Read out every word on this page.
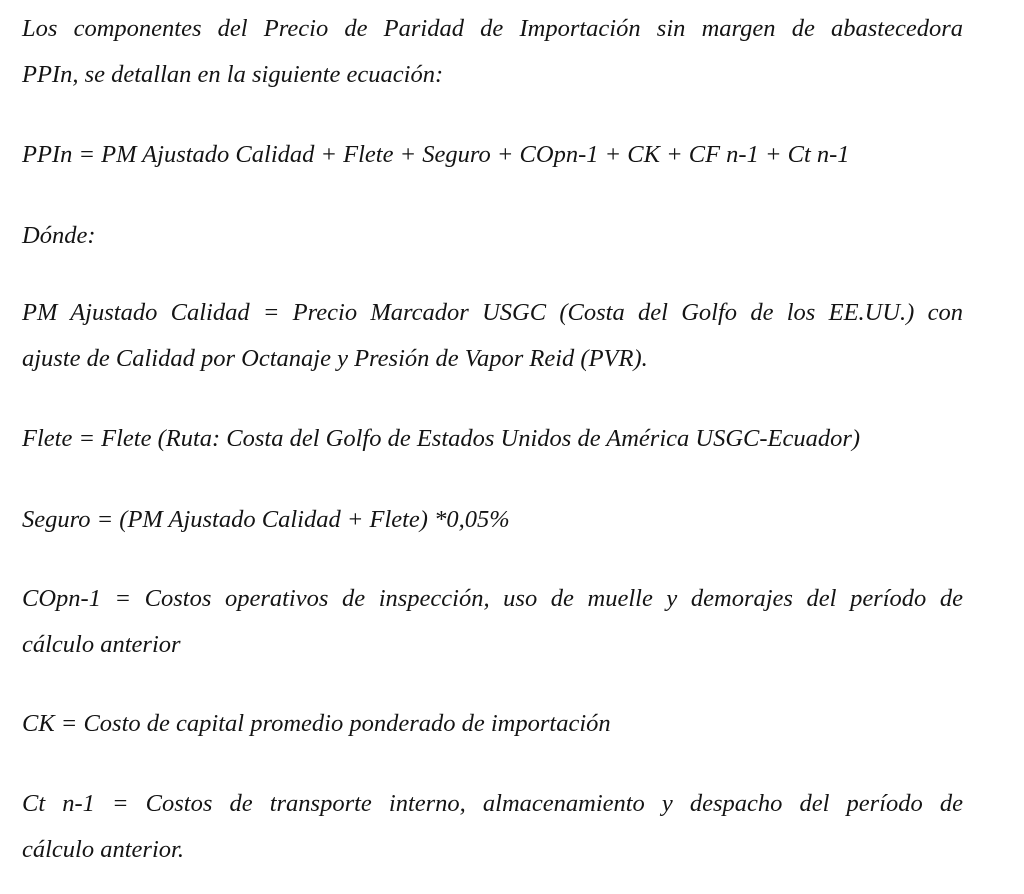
Los componentes del Precio de Paridad de Importación sin margen de abastecedora
PPIn, se detallan en la siguiente ecuación:
PPIn = PM Ajustado Calidad + Flete + Seguro + COpn-1 + CK + CF n-1 + Ct n-1
Dónde:
PM Ajustado Calidad = Precio Marcador USGC (Costa del Golfo de los EE.UU.) con
ajuste de Calidad por Octanaje y Presión de Vapor Reid (PVR).
Flete = Flete (Ruta: Costa del Golfo de Estados Unidos de América USGC-Ecuador)
Seguro = (PM Ajustado Calidad + Flete) *0,05%
COpn-1 = Costos operativos de inspección, uso de muelle y demorajes del período de
cálculo anterior
CK = Costo de capital promedio ponderado de importación
Ct n-1 = Costos de transporte interno, almacenamiento y despacho del período de
cálculo anterior.
